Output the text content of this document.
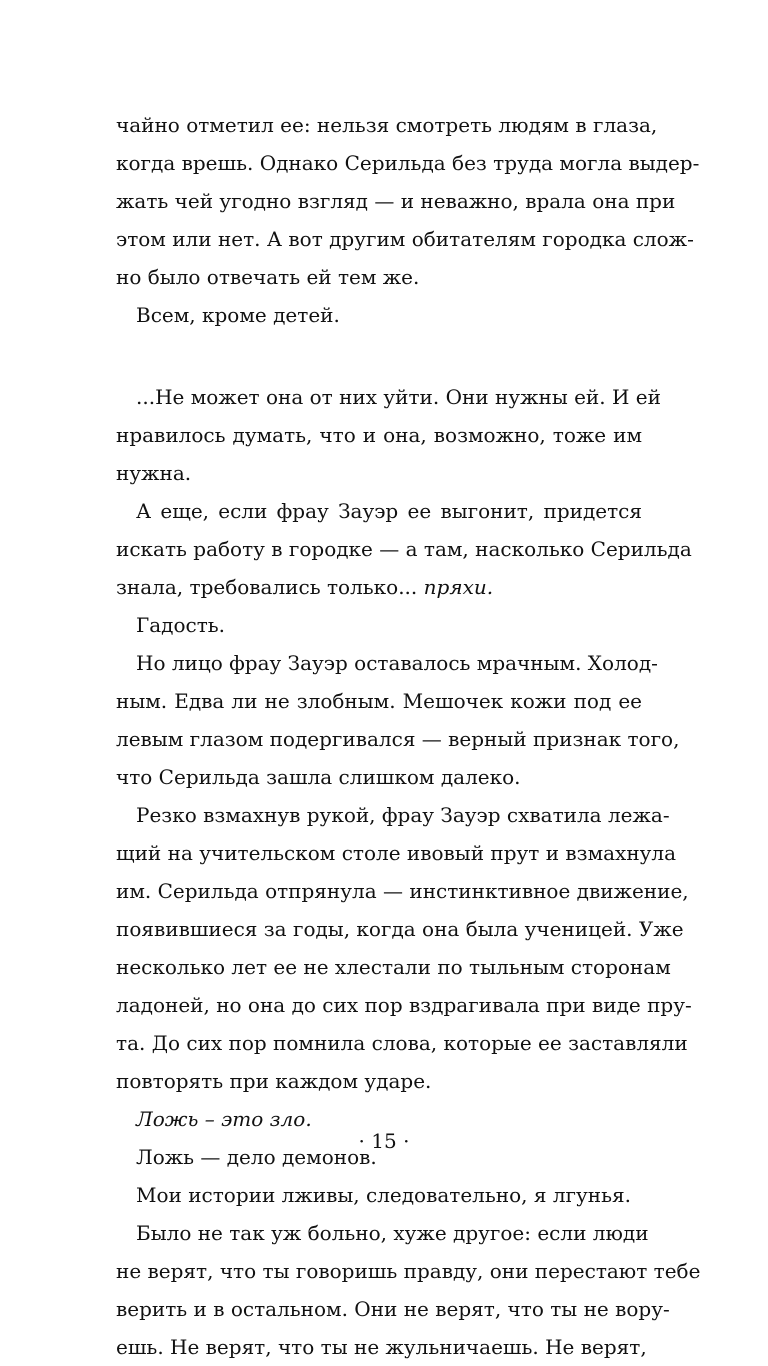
чайно отметил ее: нельзя смотреть людям в глаза,
когда врешь. Однако Серильда без труда могла выдер-
жать чей угодно взгляд — и неважно, врала она при
этом или нет. А вот другим обитателям городка слож-
но было отвечать ей тем же.
Всем, кроме детей.
...Не может она от них уйти. Они нужны ей. И ей
нравилось думать, что и она, возможно, тоже им
нужна.
А еще, если фрау Зауэр ее выгонит, придется
искать работу в городке — а там, насколько Серильда
знала, требовались только... пряхи.
Гадость.
Но лицо фрау Зауэр оставалось мрачным. Холод-
ным. Едва ли не злобным. Мешочек кожи под ее
левым глазом подергивался — верный признак того,
что Серильда зашла слишком далеко.
Резко взмахнув рукой, фрау Зауэр схватила лежа-
щий на учительском столе ивовый прут и взмахнула
им. Серильда отпрянула — инстинктивное движение,
появившиеся за годы, когда она была ученицей. Уже
несколько лет ее не хлестали по тыльным сторонам
ладоней, но она до сих пор вздрагивала при виде пру-
та. До сих пор помнила слова, которые ее заставляли
повторять при каждом ударе.
Ложь – это зло.
Ложь — дело демонов.
Мои истории лживы, следовательно, я лгунья.
Было не так уж больно, хуже другое: если люди
не верят, что ты говоришь правду, они перестают тебе
верить и в остальном. Они не верят, что ты не вору-
ешь. Не верят, что ты не жульничаешь. Не верят,
· 15 ·
